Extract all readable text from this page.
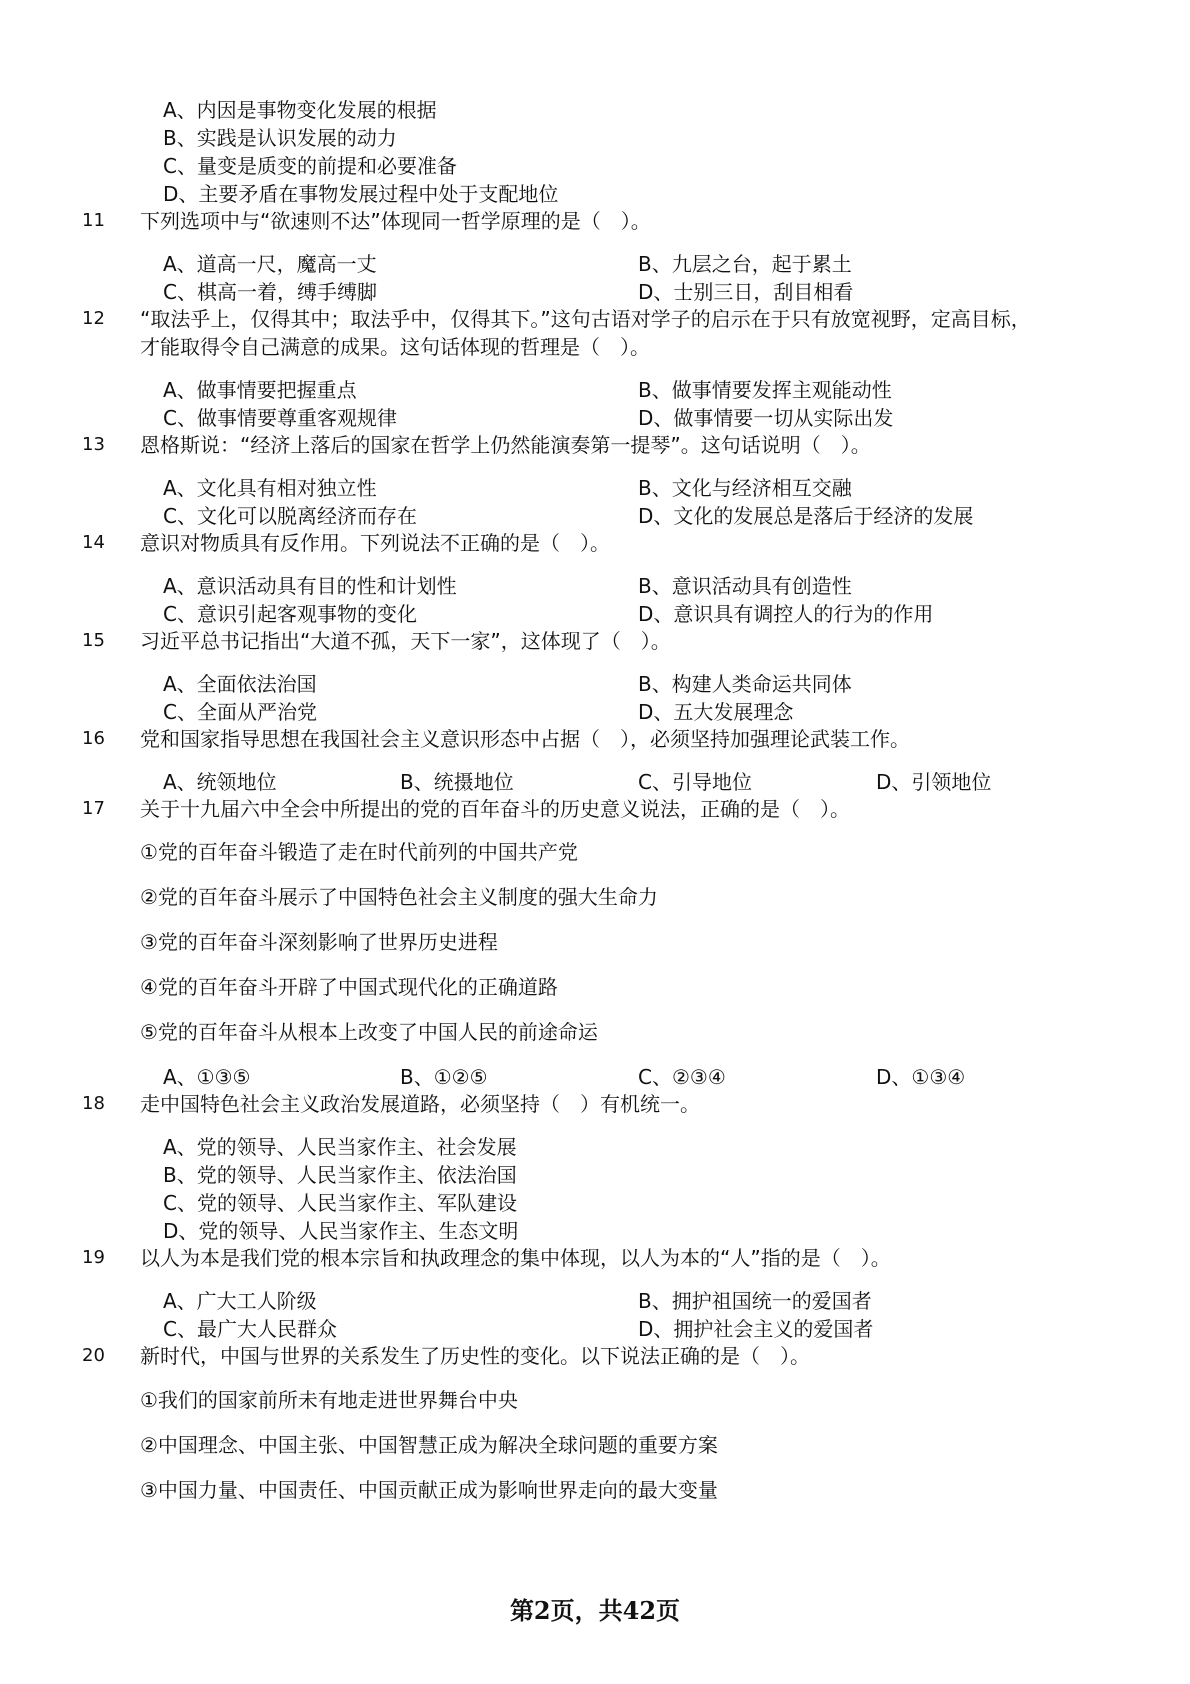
A、内因是事物变化发展的根据
B、实践是认识发展的动力
C、量变是质变的前提和必要准备
D、主要矛盾在事物发展过程中处于支配地位
11 下列选项中与“欲速则不达”体现同一哲学原理的是（　）。
A、道高一尺，魔高一丈	B、九层之台，起于累土
C、棋高一着，缚手缚脚	D、士别三日，刮目相看
12 “取法乎上，仅得其中；取法乎中，仅得其下。”这句古语对学子的启示在于只有放宽视野，定高目标，
才能取得令自己满意的成果。这句话体现的哲理是（　）。
A、做事情要把握重点	B、做事情要发挥主观能动性
C、做事情要尊重客观规律	D、做事情要一切从实际出发
13 恩格斯说：“经济上落后的国家在哲学上仍然能演奏第一提琴”。这句话说明（　）。
A、文化具有相对独立性	B、文化与经济相互交融
C、文化可以脱离经济而存在	D、文化的发展总是落后于经济的发展
14 意识对物质具有反作用。下列说法不正确的是（　）。
A、意识活动具有目的性和计划性	B、意识活动具有创造性
C、意识引起客观事物的变化	D、意识具有调控人的行为的作用
15 习近平总书记指出“大道不孤，天下一家”，这体现了（　）。
A、全面依法治国	B、构建人类命运共同体
C、全面从严治党	D、五大发展理念
16 党和国家指导思想在我国社会主义意识形态中占据（　），必须坚持加强理论武装工作。
A、统领地位	B、统摄地位	C、引导地位	D、引领地位
17 关于十九届六中全会中所提出的党的百年奋斗的历史意义说法，正确的是（　）。
①党的百年奋斗锻造了走在时代前列的中国共产党
②党的百年奋斗展示了中国特色社会主义制度的强大生命力
③党的百年奋斗深刻影响了世界历史进程
④党的百年奋斗开辟了中国式现代化的正确道路
⑤党的百年奋斗从根本上改变了中国人民的前途命运
A、①③⑤	B、①②⑤	C、②③④	D、①③④
18 走中国特色社会主义政治发展道路，必须坚持（　）有机统一。
A、党的领导、人民当家作主、社会发展
B、党的领导、人民当家作主、依法治国
C、党的领导、人民当家作主、军队建设
D、党的领导、人民当家作主、生态文明
19 以人为本是我们党的根本宗旨和执政理念的集中体现，以人为本的“人”指的是（　）。
A、广大工人阶级	B、拥护祖国统一的爱国者
C、最广大人民群众	D、拥护社会主义的爱国者
20 新时代，中国与世界的关系发生了历史性的变化。以下说法正确的是（　）。
①我们的国家前所未有地走进世界舞台中央
②中国理念、中国主张、中国智慧正成为解决全球问题的重要方案
③中国力量、中国责任、中国贡献正成为影响世界走向的最大变量
第2页，共42页
